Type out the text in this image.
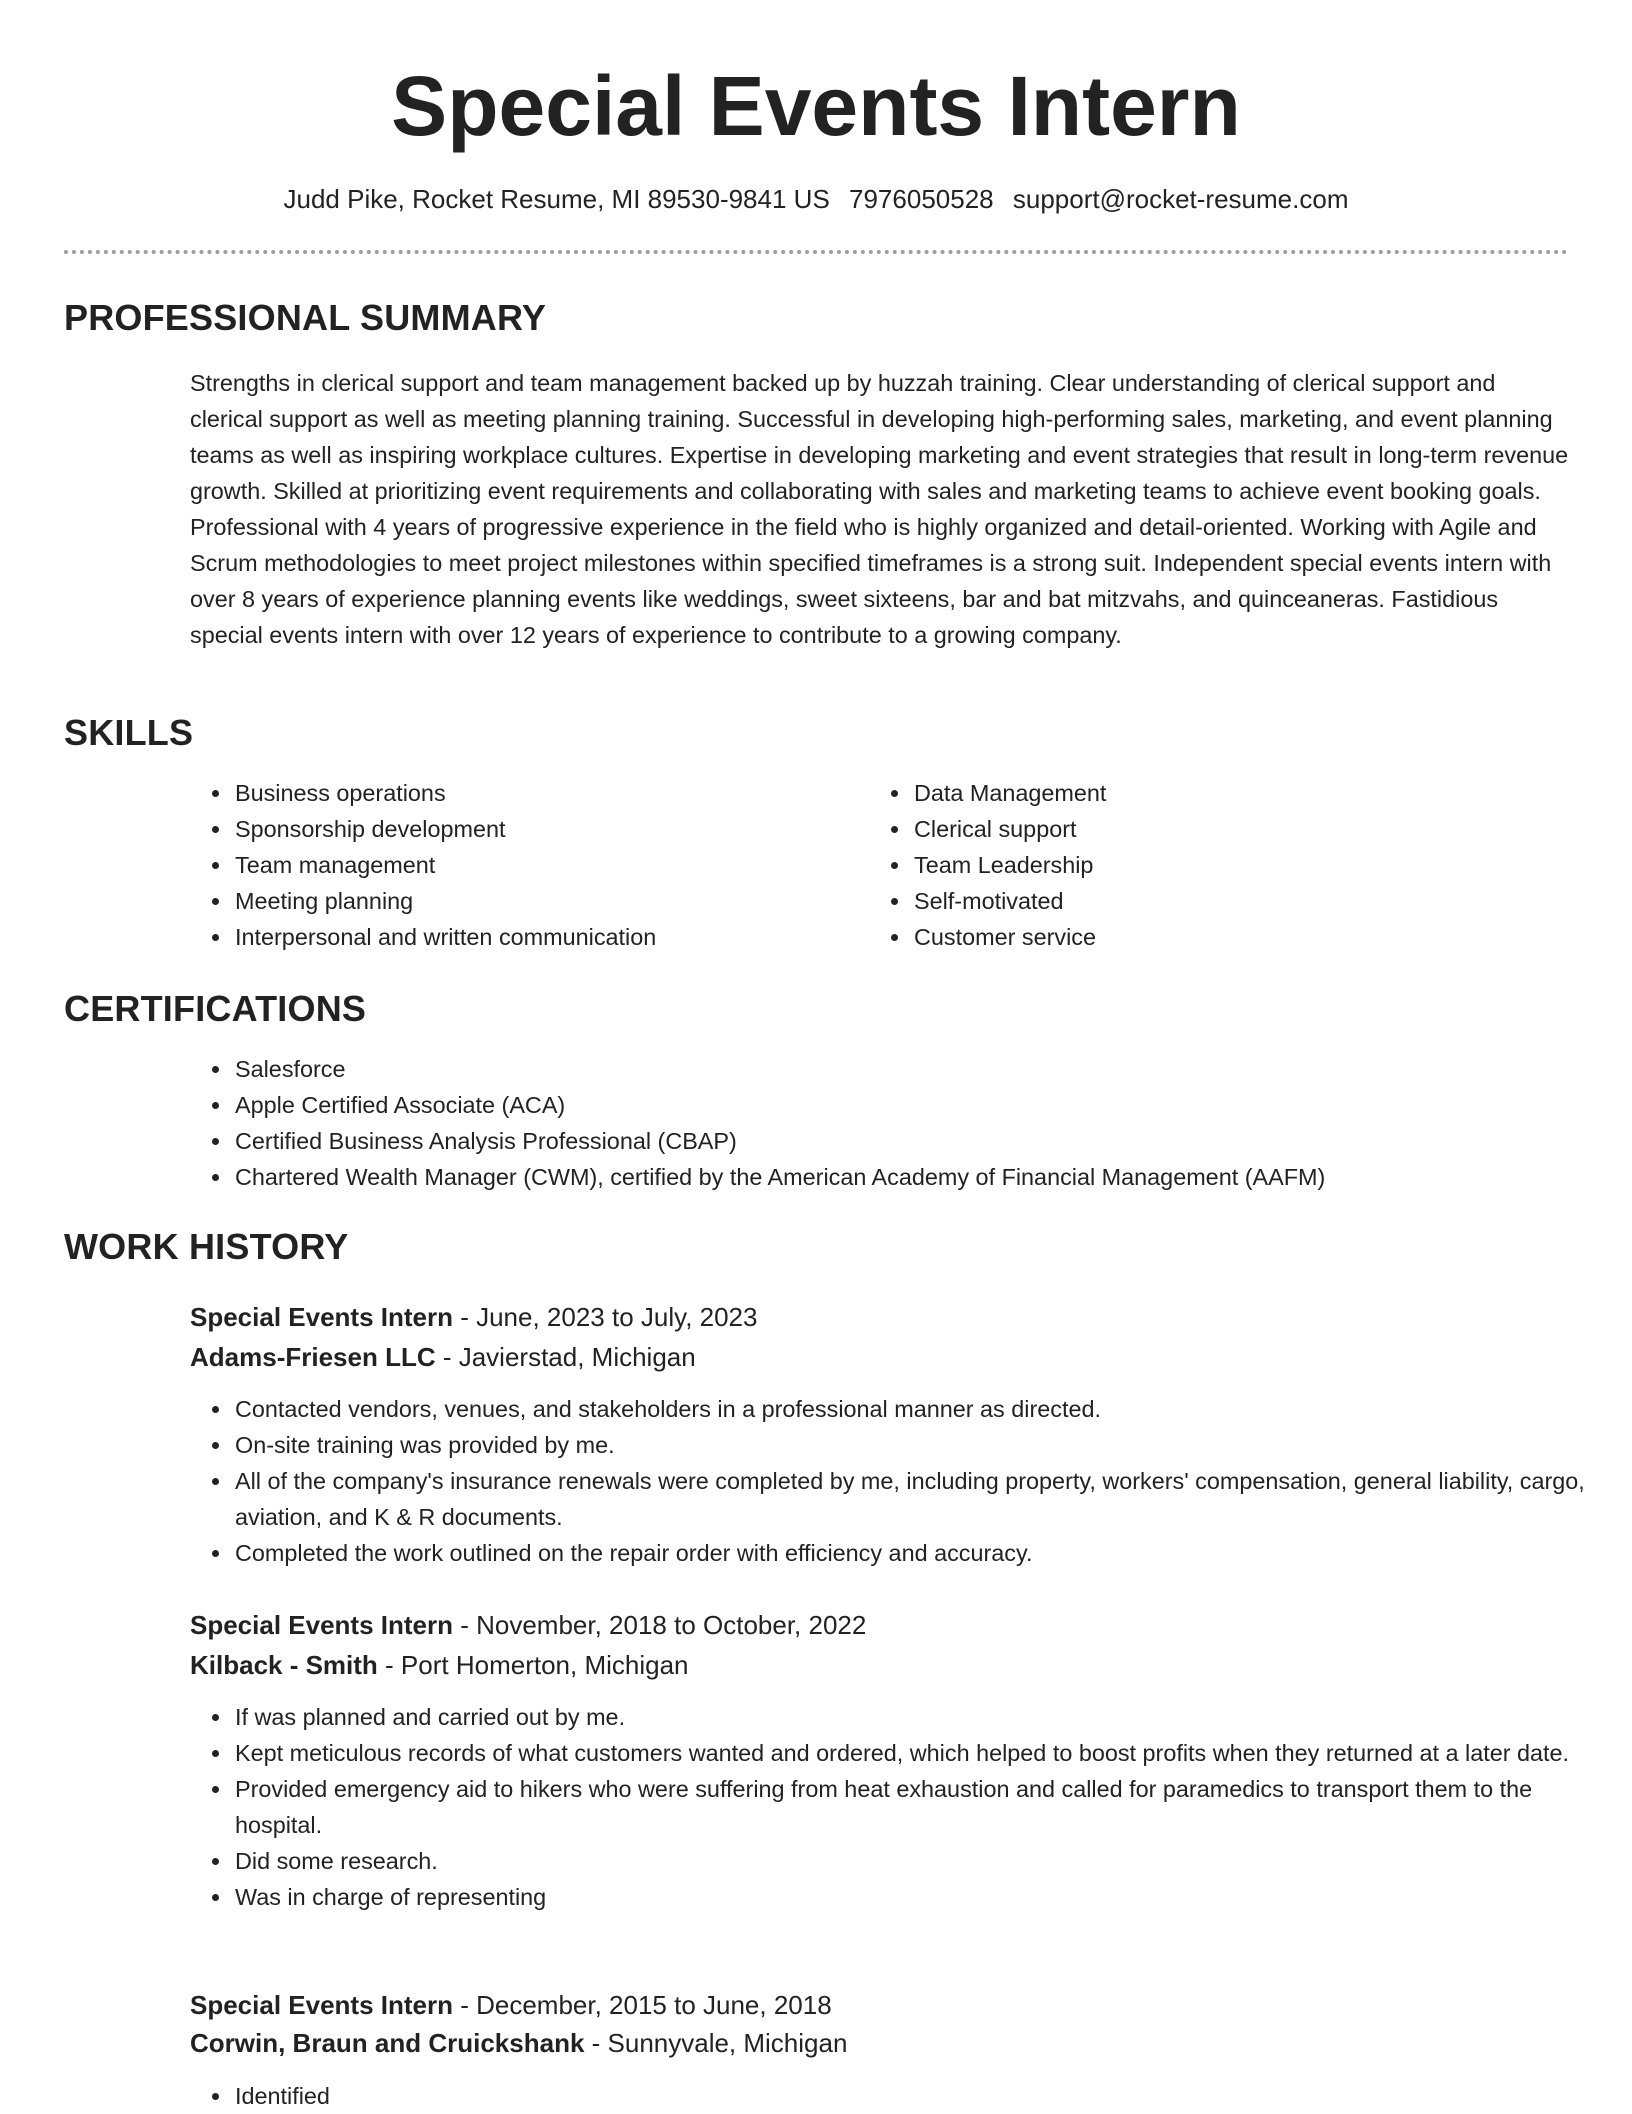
Special Events Intern
Judd Pike, Rocket Resume, MI 89530-9841 US 7976050528 support@rocket-resume.com
PROFESSIONAL SUMMARY

Strengths in clerical support and team management backed up by huzzah training. Clear understanding of clerical support and clerical support as well as meeting planning training. Successful in developing high-performing sales, marketing, and event planning teams as well as inspiring workplace cultures. Expertise in developing marketing and event strategies that result in long-term revenue growth. Skilled at prioritizing event requirements and collaborating with sales and marketing teams to achieve event booking goals. Professional with 4 years of progressive experience in the field who is highly organized and detail-oriented. Working with Agile and Scrum methodologies to meet project milestones within specified timeframes is a strong suit. Independent special events intern with over 8 years of experience planning events like weddings, sweet sixteens, bar and bat mitzvahs, and quinceaneras. Fastidious special events intern with over 12 years of experience to contribute to a growing company.

SKILLS
• Business operations
• Sponsorship development
• Team management
• Meeting planning
• Interpersonal and written communication
• Data Management
• Clerical support
• Team Leadership
• Self-motivated
• Customer service
CERTIFICATIONS
• Salesforce
• Apple Certified Associate (ACA)
• Certified Business Analysis Professional (CBAP)
• Chartered Wealth Manager (CWM), certified by the American Academy of Financial Management (AAFM)
WORK HISTORY
Special Events Intern - June, 2023 to July, 2023
Adams-Friesen LLC - Javierstad, Michigan
• Contacted vendors, venues, and stakeholders in a professional manner as directed.
• On-site training was provided by me.
• All of the company's insurance renewals were completed by me, including property, workers' compensation, general liability, cargo, aviation, and K & R documents.
• Completed the work outlined on the repair order with efficiency and accuracy.
Special Events Intern - November, 2018 to October, 2022
Kilback - Smith - Port Homerton, Michigan
• If was planned and carried out by me.
• Kept meticulous records of what customers wanted and ordered, which helped to boost profits when they returned at a later date.
• Provided emergency aid to hikers who were suffering from heat exhaustion and called for paramedics to transport them to the hospital.
• Did some research.
• Was in charge of representing
Special Events Intern - December, 2015 to June, 2018
Corwin, Braun and Cruickshank - Sunnyvale, Michigan
• Identified
